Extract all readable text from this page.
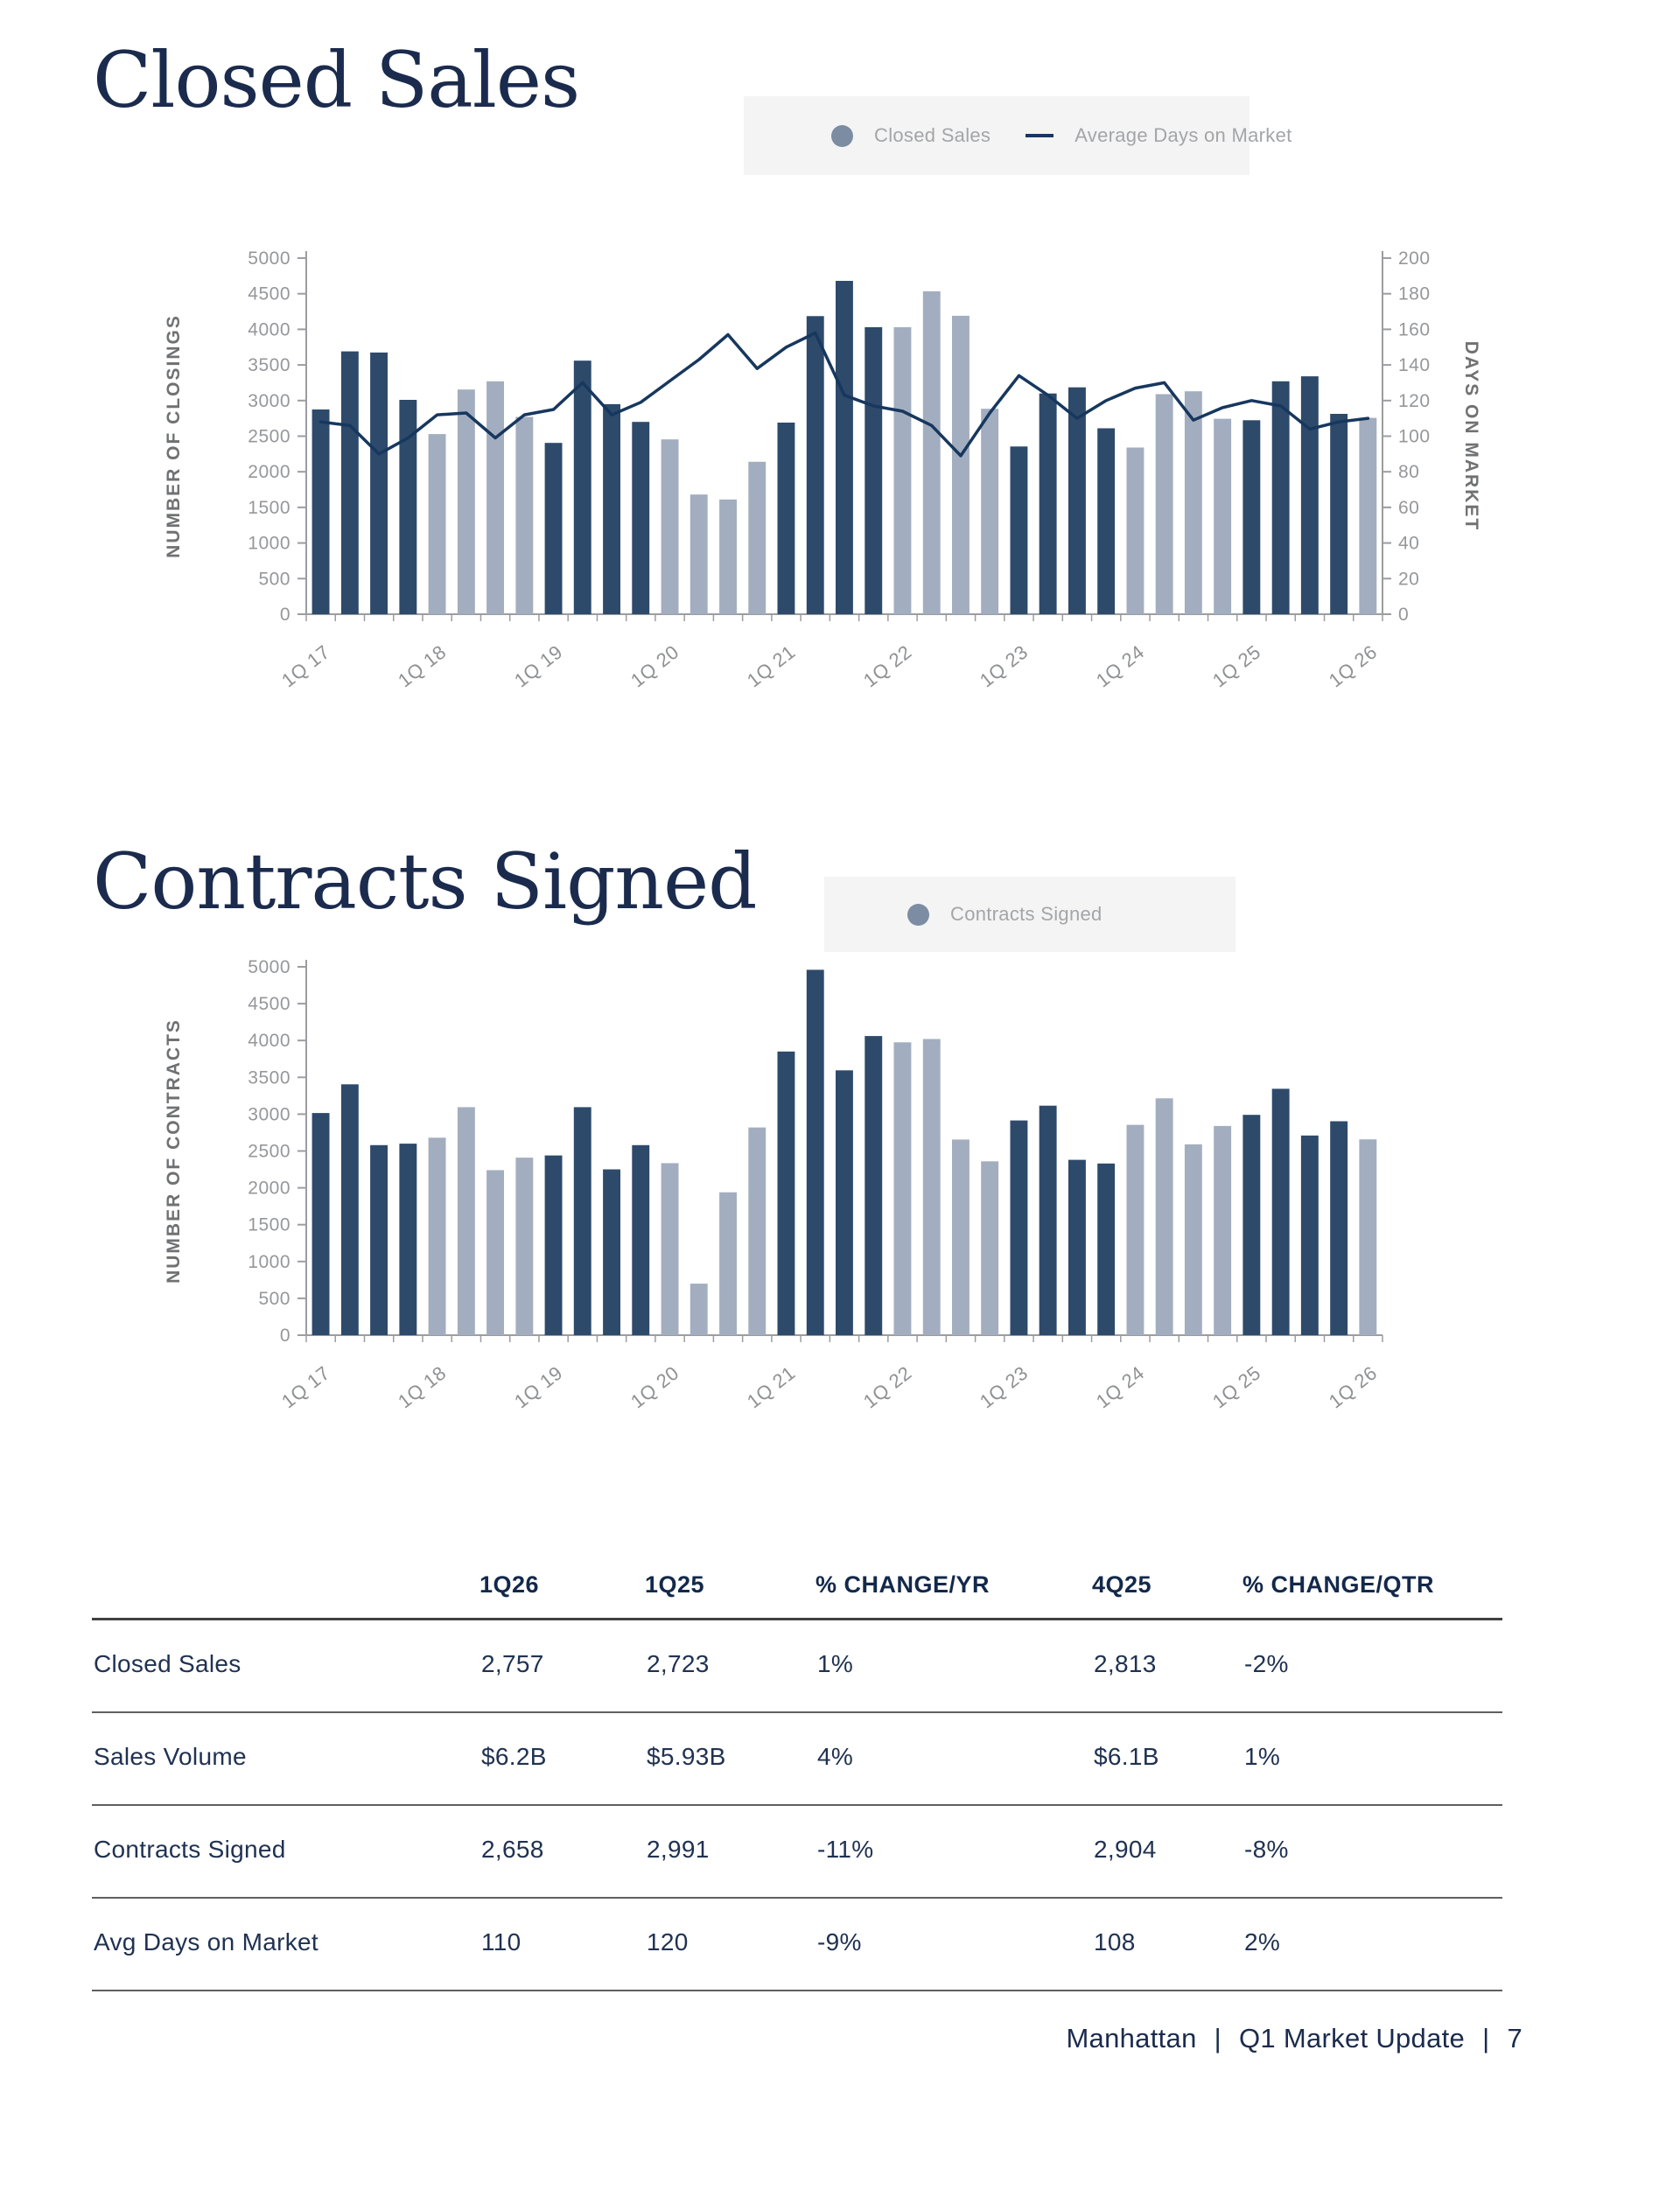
Closed Sales
Closed Sales	Average Days on Market
0
500
1000
1500
2000
2500
3000
3500
4000
4500
5000
1Q 17	1Q 18	1Q 19	1Q 20	1Q 21	1Q 22	1Q 23	1Q 24	1Q 25	1Q 26
0
20
40
60
80
100
120
140
160
180
200
DAYS ON MARKET
NUMBER OF CLOSINGS
Contracts Signed	Contracts Signed
0
500
1000
1500
2000
2500
3000
3500
4000
4500
5000
1Q 17	1Q 18	1Q 19	1Q 20	1Q 21	1Q 22	1Q 23	1Q 24	1Q 25	1Q 26
NUMBER OF CONTRACTS
1Q26	1Q25	% CHANGE/YR	4Q25	% CHANGE/QTR
Closed Sales	2,757	2,723	1%	2,813	-2%
Sales Volume	$6.2B	$5.93B	4%	$6.1B	1%
Contracts Signed	2,658	2,991	-11%	2,904	-8%
Avg Days on Market	110	120	-9%	108	2%
Manhattan | Q1 Market Update | 7
